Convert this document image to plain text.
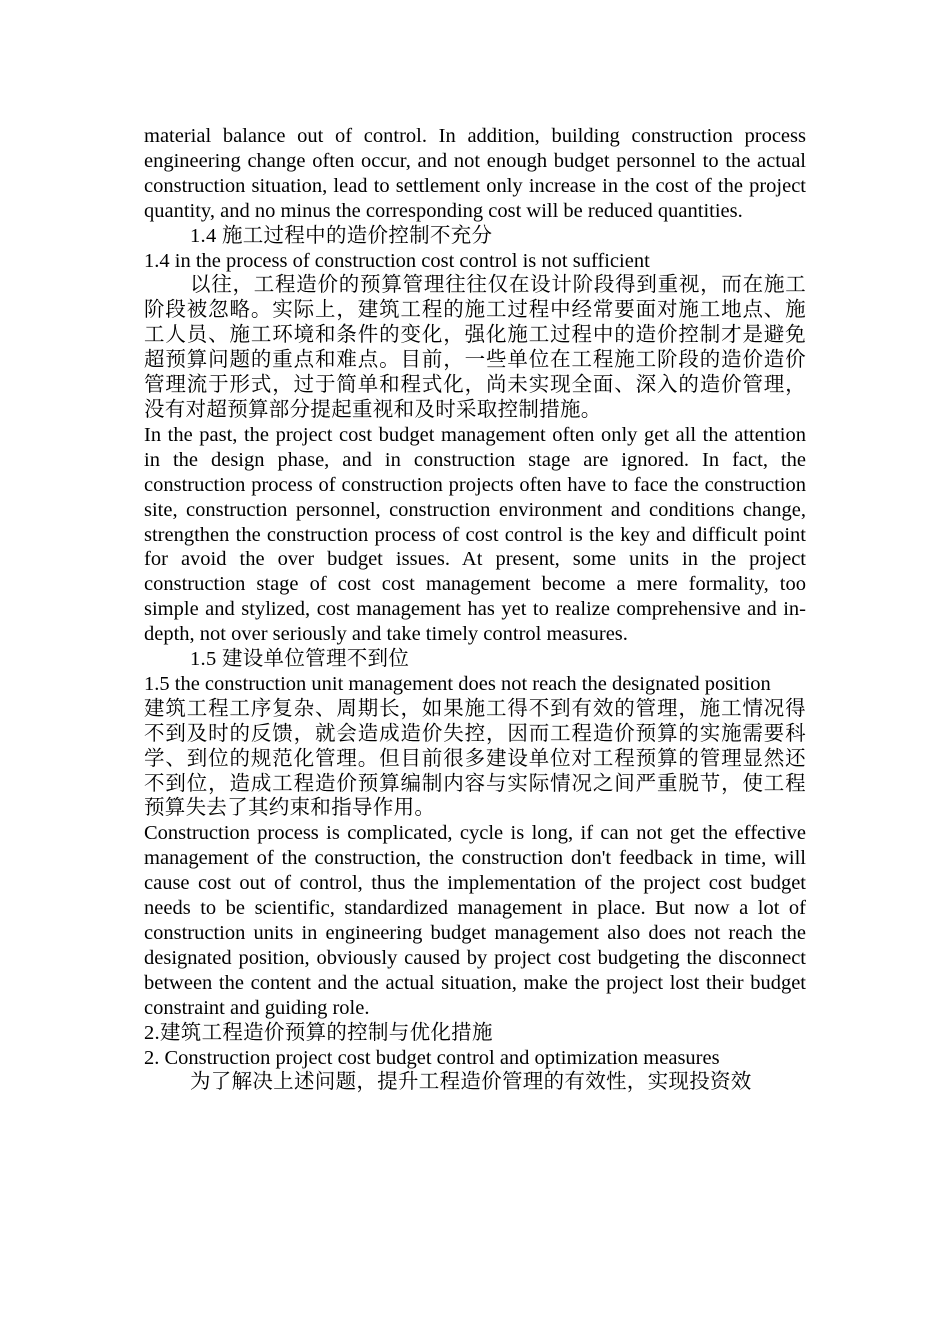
material balance out of control. In addition, building construction process engineering change often occur, and not enough budget personnel to the actual construction situation, lead to settlement only increase in the cost of the project quantity, and no minus the corresponding cost will be reduced quantities.

1.4 施工过程中的造价控制不充分

1.4 in the process of construction cost control is not sufficient

以往，工程造价的预算管理往往仅在设计阶段得到重视，而在施工阶段被忽略。实际上，建筑工程的施工过程中经常要面对施工地点、施工人员、施工环境和条件的变化，强化施工过程中的造价控制才是避免超预算问题的重点和难点。目前，一些单位在工程施工阶段的造价造价管理流于形式，过于简单和程式化，尚未实现全面、深入的造价管理，没有对超预算部分提起重视和及时采取控制措施。

In the past, the project cost budget management often only get all the attention in the design phase, and in construction stage are ignored. In fact, the construction process of construction projects often have to face the construction site, construction personnel, construction environment and conditions change, strengthen the construction process of cost control is the key and difficult point for avoid the over budget issues. At present, some units in the project construction stage of cost cost management become a mere formality, too simple and stylized, cost management has yet to realize comprehensive and in-depth, not over seriously and take timely control measures.

1.5 建设单位管理不到位

1.5 the construction unit management does not reach the designated position

建筑工程工序复杂、周期长，如果施工得不到有效的管理，施工情况得不到及时的反馈，就会造成造价失控，因而工程造价预算的实施需要科学、到位的规范化管理。但目前很多建设单位对工程预算的管理显然还不到位，造成工程造价预算编制内容与实际情况之间严重脱节，使工程预算失去了其约束和指导作用。

Construction process is complicated, cycle is long, if can not get the effective management of the construction, the construction don't feedback in time, will cause cost out of control, thus the implementation of the project cost budget needs to be scientific, standardized management in place. But now a lot of construction units in engineering budget management also does not reach the designated position, obviously caused by project cost budgeting the disconnect between the content and the actual situation, make the project lost their budget constraint and guiding role.

2.建筑工程造价预算的控制与优化措施

2. Construction project cost budget control and optimization measures

为了解决上述问题，提升工程造价管理的有效性，实现投资效
